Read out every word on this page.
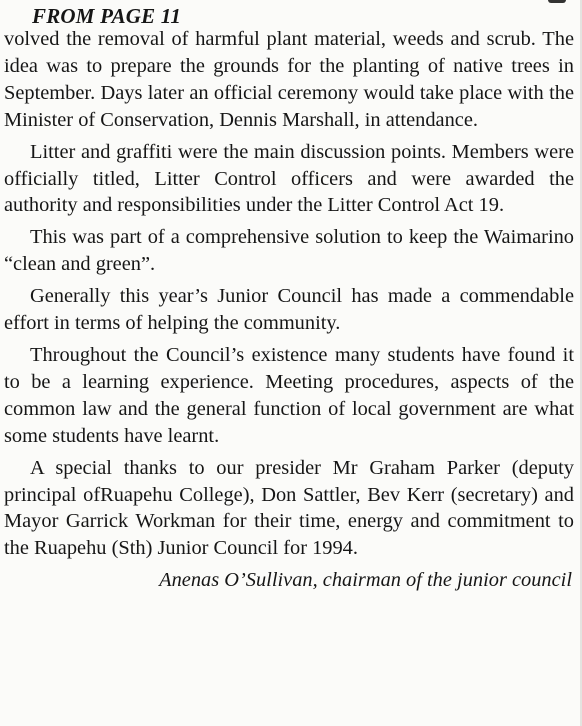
FROM PAGE 11

volved the removal of harmful plant material, weeds and scrub. The idea was to prepare the grounds for the planting of native trees in September. Days later an official ceremony would take place with the Minister of Conservation, Dennis Marshall, in attendance.

Litter and graffiti were the main discussion points. Members were officially titled, Litter Control officers and were awarded the authority and responsibilities under the Litter Control Act 19.

This was part of a comprehensive solution to keep the Waimarino “clean and green”.

Generally this year’s Junior Council has made a commendable effort in terms of helping the community.

Throughout the Council’s existence many students have found it to be a learning experience. Meeting procedures, aspects of the common law and the general function of local government are what some students have learnt.

A special thanks to our presider Mr Graham Parker (deputy principal ofRuapehu College), Don Sattler, Bev Kerr (secretary) and Mayor Garrick Workman for their time, energy and commitment to the Ruapehu (Sth) Junior Council for 1994.

Anenas O’Sullivan, chairman of the junior council
